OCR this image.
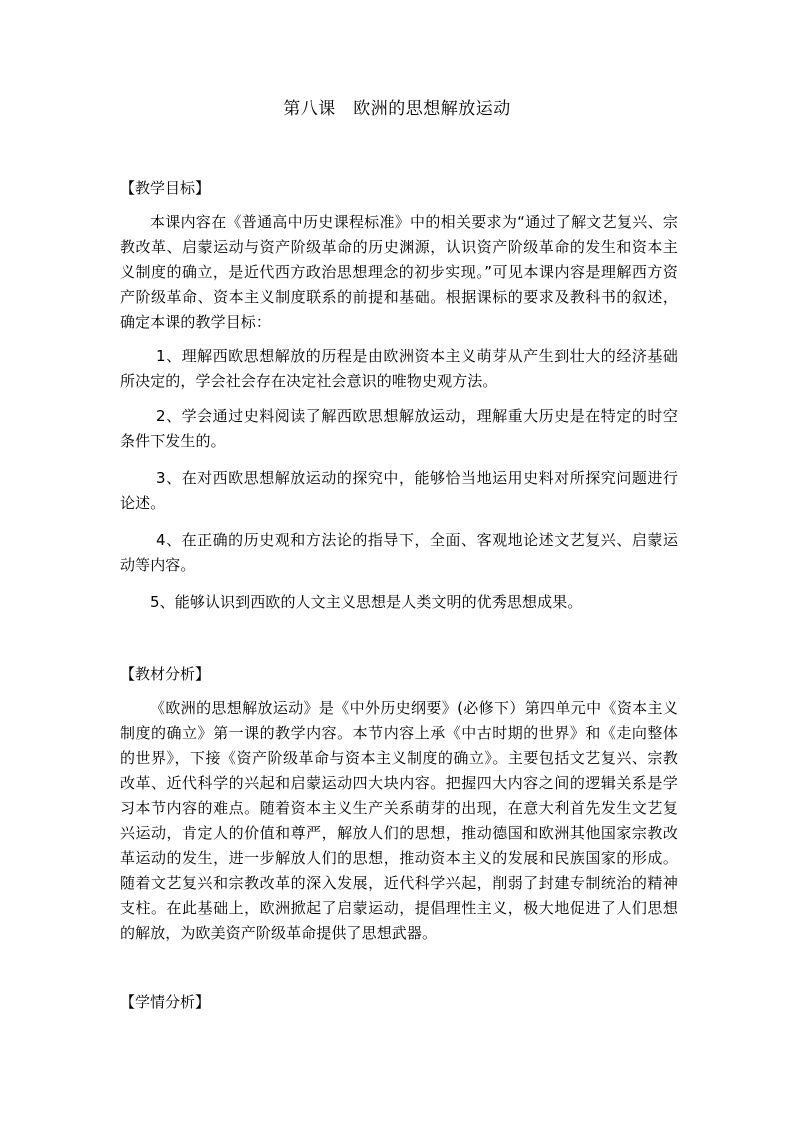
第八课　欧洲的思想解放运动
【教学目标】
本课内容在《普通高中历史课程标准》中的相关要求为“通过了解文艺复兴、宗教改革、启蒙运动与资产阶级革命的历史渊源，认识资产阶级革命的发生和资本主义制度的确立，是近代西方政治思想理念的初步实现。”可见本课内容是理解西方资产阶级革命、资本主义制度联系的前提和基础。根据课标的要求及教科书的叙述，确定本课的教学目标：
1、理解西欧思想解放的历程是由欧洲资本主义萌芽从产生到壮大的经济基础所决定的，学会社会存在决定社会意识的唯物史观方法。
2、学会通过史料阅读了解西欧思想解放运动，理解重大历史是在特定的时空条件下发生的。
3、在对西欧思想解放运动的探究中，能够恰当地运用史料对所探究问题进行论述。
4、在正确的历史观和方法论的指导下，全面、客观地论述文艺复兴、启蒙运动等内容。
5、能够认识到西欧的人文主义思想是人类文明的优秀思想成果。
【教材分析】
《欧洲的思想解放运动》是《中外历史纲要》(必修下）第四单元中《资本主义制度的确立》第一课的教学内容。本节内容上承《中古时期的世界》和《走向整体的世界》，下接《资产阶级革命与资本主义制度的确立》。主要包括文艺复兴、宗教改革、近代科学的兴起和启蒙运动四大块内容。把握四大内容之间的逻辑关系是学习本节内容的难点。随着资本主义生产关系萌芽的出现，在意大利首先发生文艺复兴运动，肯定人的价值和尊严，解放人们的思想，推动德国和欧洲其他国家宗教改革运动的发生，进一步解放人们的思想，推动资本主义的发展和民族国家的形成。随着文艺复兴和宗教改革的深入发展，近代科学兴起，削弱了封建专制统治的精神支柱。在此基础上，欧洲掀起了启蒙运动，提倡理性主义，极大地促进了人们思想的解放，为欧美资产阶级革命提供了思想武器。
【学情分析】
